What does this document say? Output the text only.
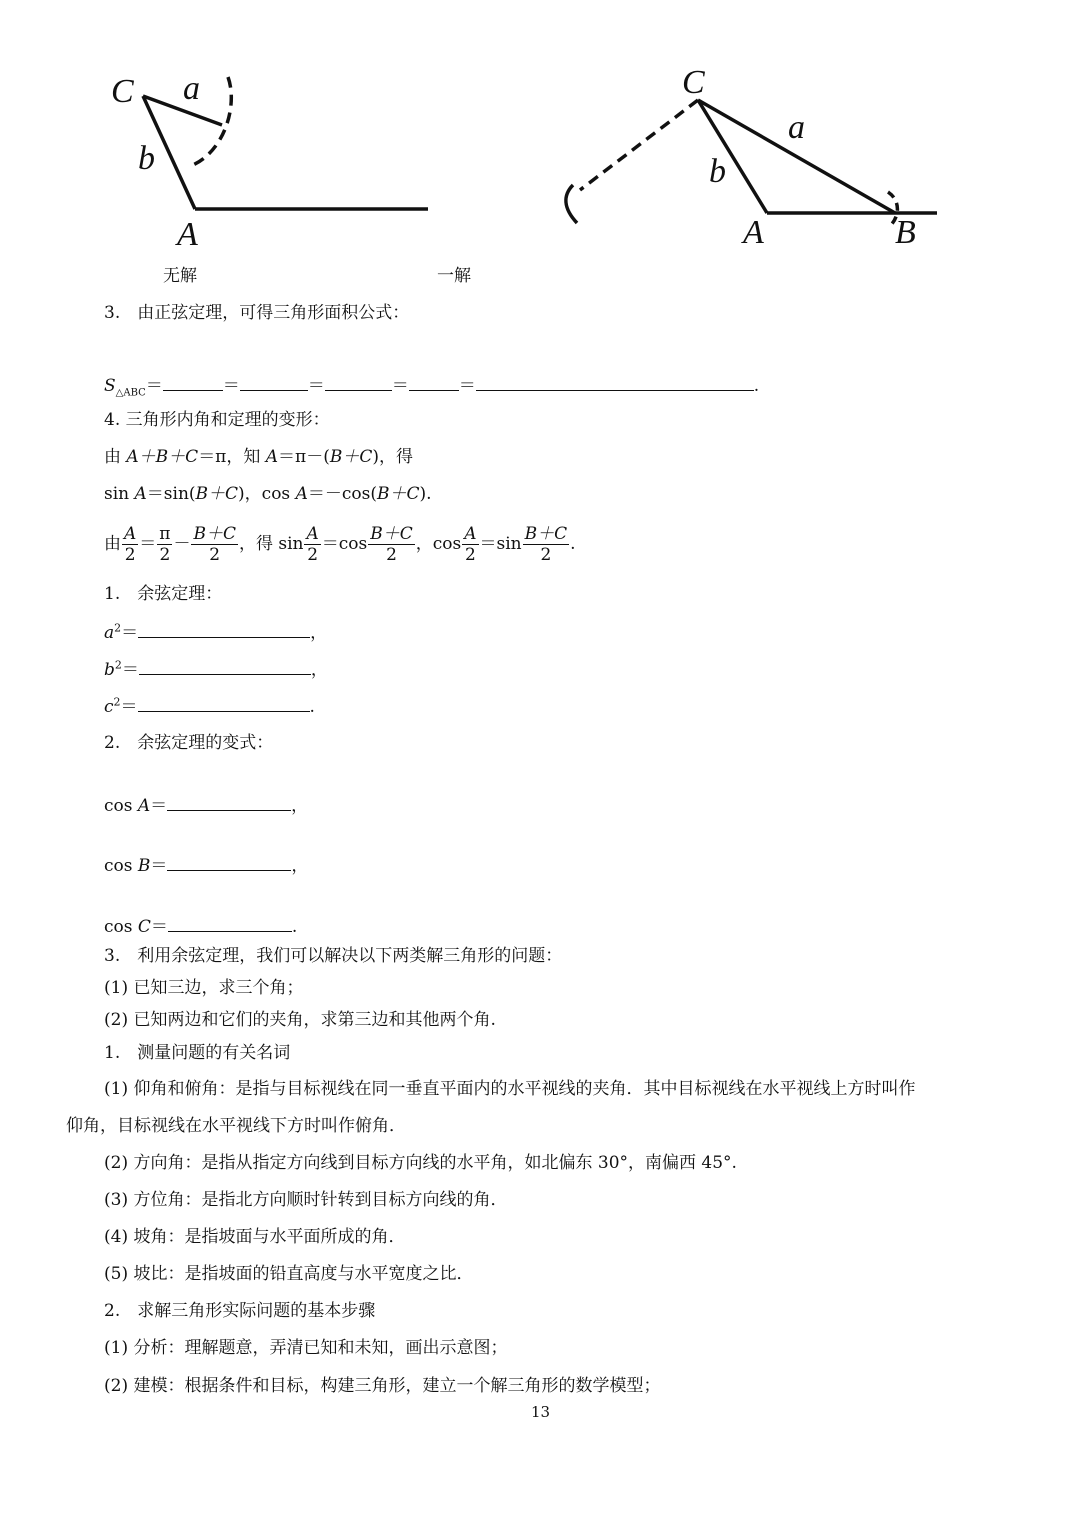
C a
b
A
无解
C
a
b
A	B
一解
3.　由正弦定理，可得三角形面积公式：
$S_{\triangle ABC}=$	＝	＝	＝	＝	.
4. 三角形内角和定理的变形：
由 A＋B＋C＝π，知 A＝π－(B＋C)，得
sin A＝sin(B＋C)，cos A＝－cos(B＋C).
由 $\frac{A}{2} = \frac{\pi}{2} - \frac{B+C}{2}$ ，得 $\sin \frac{A}{2} =\cos \frac{B+C}{2}$ ，$\cos \frac{A}{2} =\sin \frac{B+C}{2}$ .
1.　余弦定理：
$a^2=$	，
$b^2=$	，
$c^2=$	.
2.　余弦定理的变式：
cos A＝	，
cos B＝	，
cos C＝	.
3.　利用余弦定理，我们可以解决以下两类解三角形的问题：
(1) 已知三边，求三个角；
(2) 已知两边和它们的夹角，求第三边和其他两个角.
1.　测量问题的有关名词
(1) 仰角和俯角：是指与目标视线在同一垂直平面内的水平视线的夹角．其中目标视线在水平视线上方时叫作
仰角，目标视线在水平视线下方时叫作俯角．
(2) 方向角：是指从指定方向线到目标方向线的水平角，如北偏东 30°，南偏西 45°.
(3) 方位角：是指北方向顺时针转到目标方向线的角．
(4) 坡角：是指坡面与水平面所成的角．
(5) 坡比：是指坡面的铅直高度与水平宽度之比．
2.　求解三角形实际问题的基本步骤
(1) 分析：理解题意，弄清已知和未知，画出示意图；
(2) 建模：根据条件和目标，构建三角形，建立一个解三角形的数学模型；
13
